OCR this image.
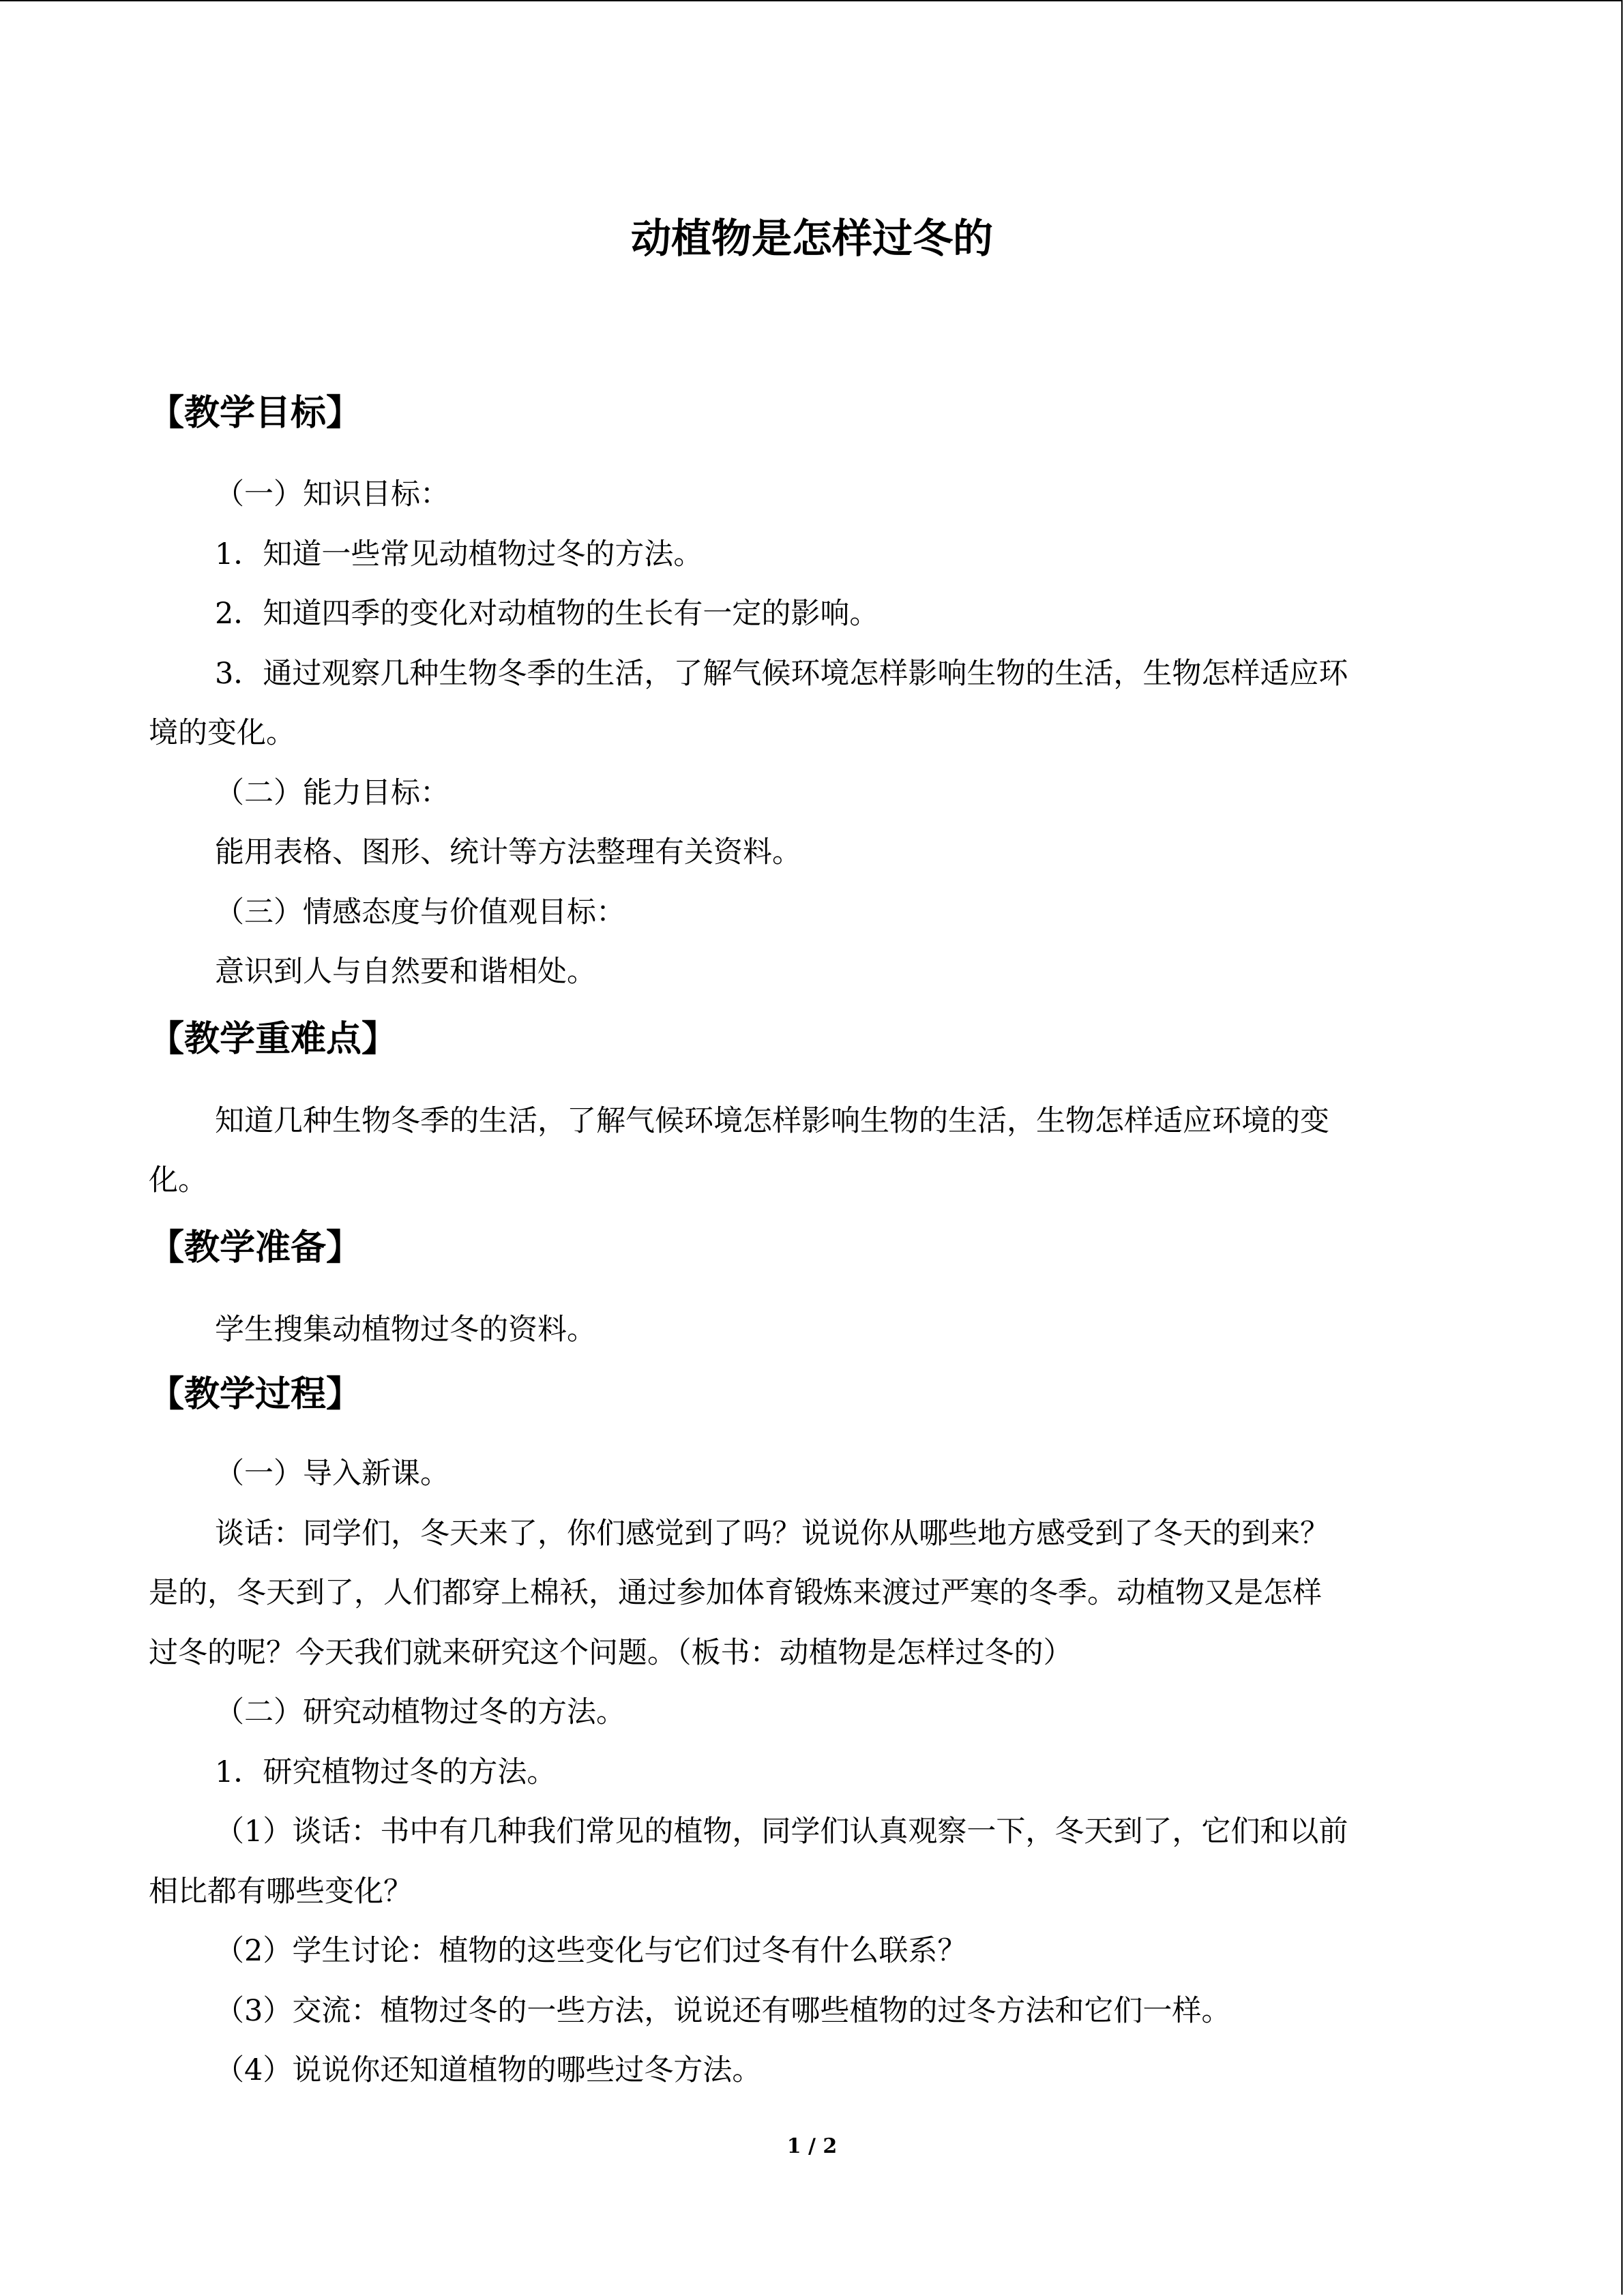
动植物是怎样过冬的
【教学目标】
（一）知识目标：
1．知道一些常见动植物过冬的方法。
2．知道四季的变化对动植物的生长有一定的影响。
3．通过观察几种生物冬季的生活，了解气候环境怎样影响生物的生活，生物怎样适应环
境的变化。
（二）能力目标：
能用表格、图形、统计等方法整理有关资料。
（三）情感态度与价值观目标：
意识到人与自然要和谐相处。
【教学重难点】
知道几种生物冬季的生活，了解气候环境怎样影响生物的生活，生物怎样适应环境的变
化。
【教学准备】
学生搜集动植物过冬的资料。
【教学过程】
（一）导入新课。
谈话：同学们，冬天来了，你们感觉到了吗？说说你从哪些地方感受到了冬天的到来？
是的，冬天到了，人们都穿上棉袄，通过参加体育锻炼来渡过严寒的冬季。动植物又是怎样
过冬的呢？今天我们就来研究这个问题。（板书：动植物是怎样过冬的）
（二）研究动植物过冬的方法。
1．研究植物过冬的方法。
（1）谈话：书中有几种我们常见的植物，同学们认真观察一下，冬天到了，它们和以前
相比都有哪些变化？
（2）学生讨论：植物的这些变化与它们过冬有什么联系？
（3）交流：植物过冬的一些方法，说说还有哪些植物的过冬方法和它们一样。
（4）说说你还知道植物的哪些过冬方法。
1 / 2
